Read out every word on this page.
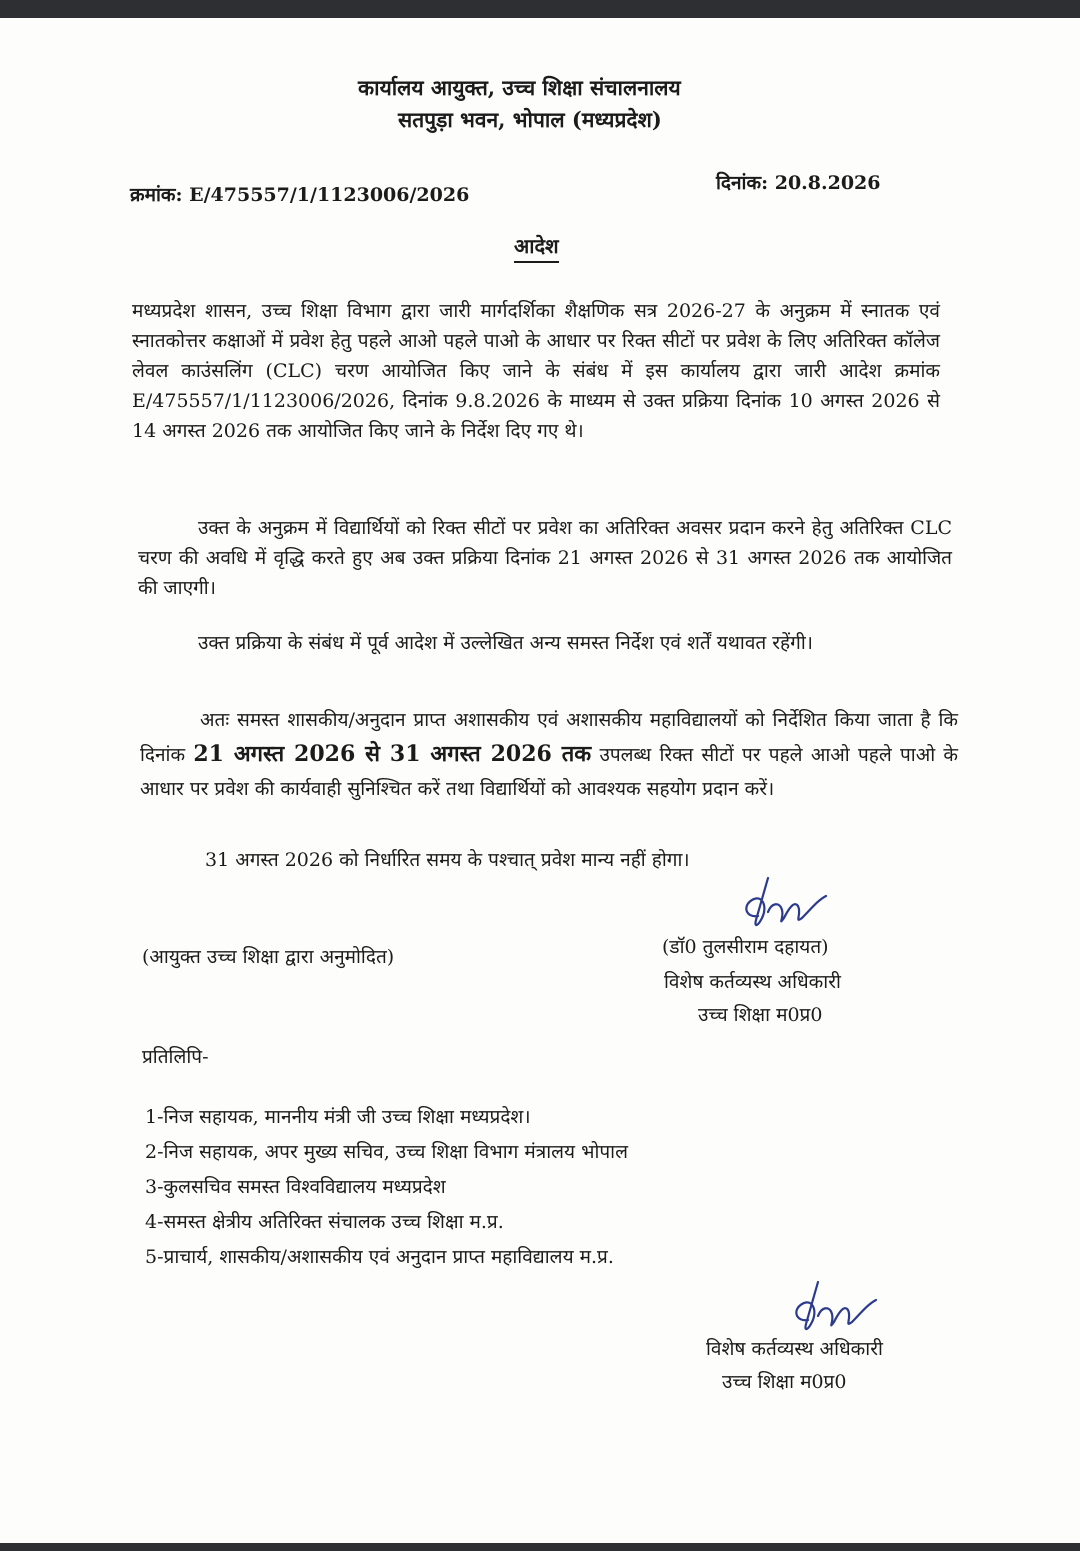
कार्यालय आयुक्त, उच्च शिक्षा संचालनालय
सतपुड़ा भवन, भोपाल (मध्यप्रदेश)
क्रमांक: E/475557/1/1123006/2026
दिनांक: 20.8.2026
आदेश
मध्यप्रदेश शासन, उच्च शिक्षा विभाग द्वारा जारी मार्गदर्शिका शैक्षणिक सत्र 2026-27 के अनुक्रम में स्नातक एवं स्नातकोत्तर कक्षाओं में प्रवेश हेतु पहले आओ पहले पाओ के आधार पर रिक्त सीटों पर प्रवेश के लिए अतिरिक्त कॉलेज लेवल काउंसलिंग (CLC) चरण आयोजित किए जाने के संबंध में इस कार्यालय द्वारा जारी आदेश क्रमांक E/475557/1/1123006/2026, दिनांक 9.8.2026 के माध्यम से उक्त प्रक्रिया दिनांक 10 अगस्त 2026 से 14 अगस्त 2026 तक आयोजित किए जाने के निर्देश दिए गए थे।
उक्त के अनुक्रम में विद्यार्थियों को रिक्त सीटों पर प्रवेश का अतिरिक्त अवसर प्रदान करने हेतु अतिरिक्त CLC चरण की अवधि में वृद्धि करते हुए अब उक्त प्रक्रिया दिनांक 21 अगस्त 2026 से 31 अगस्त 2026 तक आयोजित की जाएगी।
उक्त प्रक्रिया के संबंध में पूर्व आदेश में उल्लेखित अन्य समस्त निर्देश एवं शर्तें यथावत रहेंगी।
अतः समस्त शासकीय/अनुदान प्राप्त अशासकीय एवं अशासकीय महाविद्यालयों को निर्देशित किया जाता है कि दिनांक 21 अगस्त 2026 से 31 अगस्त 2026 तक उपलब्ध रिक्त सीटों पर पहले आओ पहले पाओ के आधार पर प्रवेश की कार्यवाही सुनिश्चित करें तथा विद्यार्थियों को आवश्यक सहयोग प्रदान करें।
31 अगस्त 2026 को निर्धारित समय के पश्चात् प्रवेश मान्य नहीं होगा।
(आयुक्त उच्च शिक्षा द्वारा अनुमोदित)	(डॉ0 तुलसीराम दहायत)
विशेष कर्तव्यस्थ अधिकारी
उच्च शिक्षा म0प्र0
प्रतिलिपि-
1-निज सहायक, माननीय मंत्री जी उच्च शिक्षा मध्यप्रदेश।
2-निज सहायक, अपर मुख्य सचिव, उच्च शिक्षा विभाग मंत्रालय भोपाल
3-कुलसचिव समस्त विश्वविद्यालय मध्यप्रदेश
4-समस्त क्षेत्रीय अतिरिक्त संचालक उच्च शिक्षा म.प्र.
5-प्राचार्य, शासकीय/अशासकीय एवं अनुदान प्राप्त महाविद्यालय म.प्र.
विशेष कर्तव्यस्थ अधिकारी
उच्च शिक्षा म0प्र0
